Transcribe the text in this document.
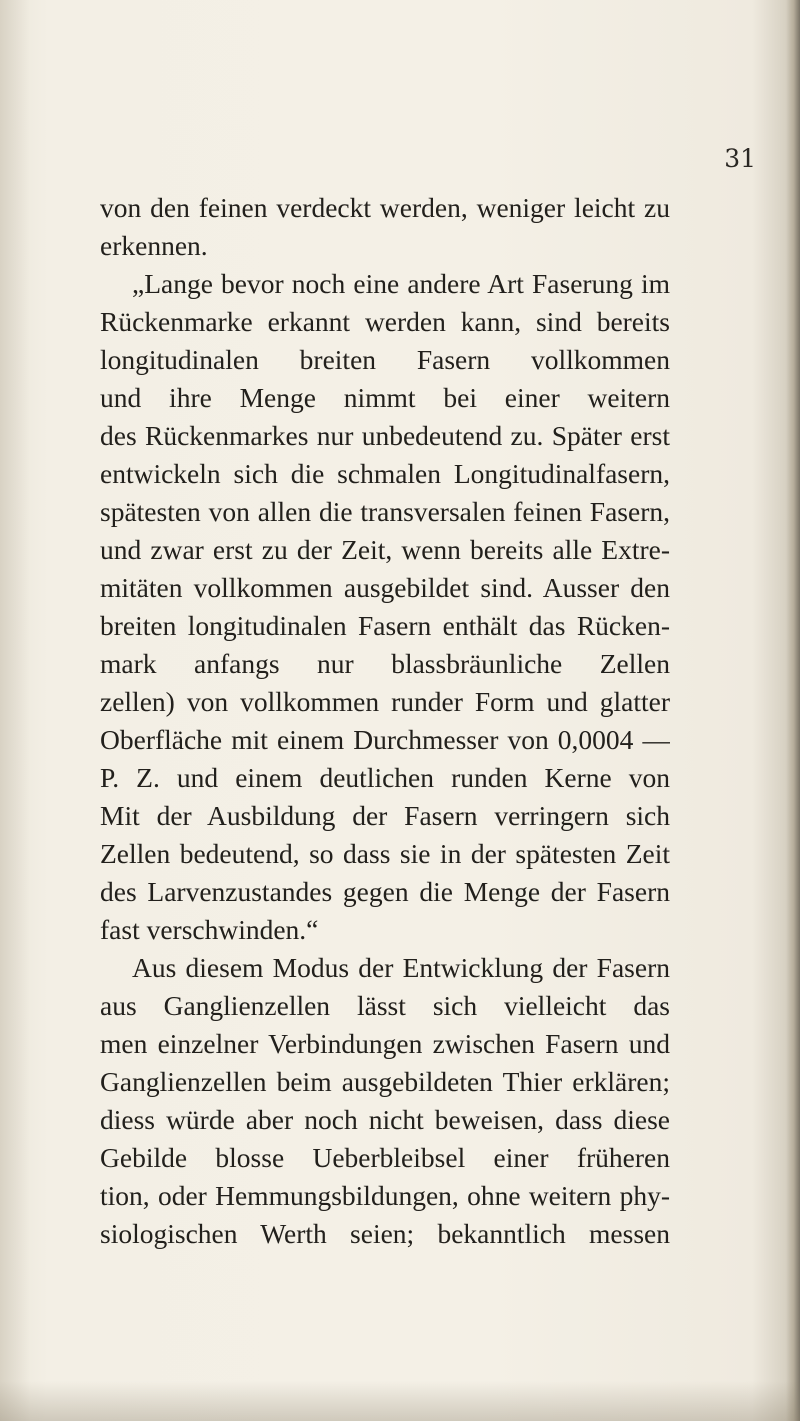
31
von den feinen verdeckt werden, weniger leicht zu
erkennen.
„Lange bevor noch eine andere Art Faserung im
Rückenmarke erkannt werden kann, sind bereits
longitudinalen breiten Fasern vollkommen
und ihre Menge nimmt bei einer weitern
des Rückenmarkes nur unbedeutend zu. Später erst
entwickeln sich die schmalen Longitudinalfasern,
spätesten von allen die transversalen feinen Fasern,
und zwar erst zu der Zeit, wenn bereits alle Extre-
mitäten vollkommen ausgebildet sind. Ausser den
breiten longitudinalen Fasern enthält das Rücken-
mark anfangs nur blassbräunliche Zellen
zellen) von vollkommen runder Form und glatter
Oberfläche mit einem Durchmesser von 0,0004 —
P. Z. und einem deutlichen runden Kerne von
Mit der Ausbildung der Fasern verringern sich
Zellen bedeutend, so dass sie in der spätesten Zeit
des Larvenzustandes gegen die Menge der Fasern
fast verschwinden.“
Aus diesem Modus der Entwicklung der Fasern
aus Ganglienzellen lässt sich vielleicht das
men einzelner Verbindungen zwischen Fasern und
Ganglienzellen beim ausgebildeten Thier erklären;
diess würde aber noch nicht beweisen, dass diese
Gebilde blosse Ueberbleibsel einer früheren
tion, oder Hemmungsbildungen, ohne weitern phy-
siologischen Werth seien; bekanntlich messen
